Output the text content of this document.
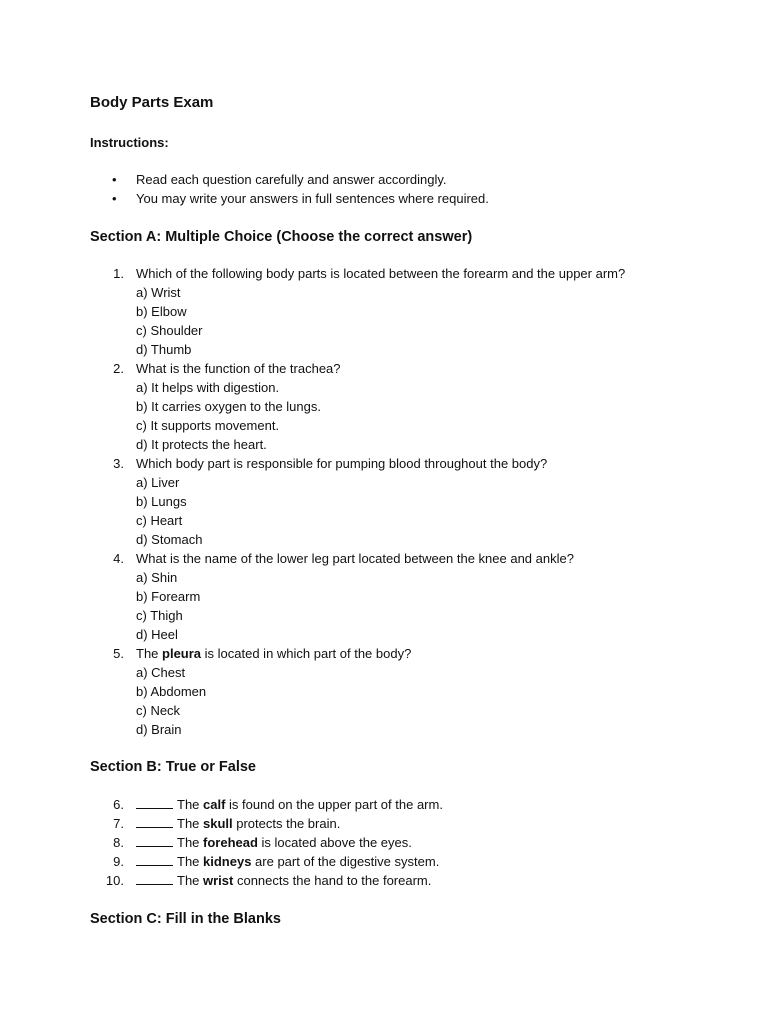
Body Parts Exam
Instructions:
• Read each question carefully and answer accordingly.
• You may write your answers in full sentences where required.
Section A: Multiple Choice (Choose the correct answer)
1. Which of the following body parts is located between the forearm and the upper arm?
a) Wrist
b) Elbow
c) Shoulder
d) Thumb
2. What is the function of the trachea?
a) It helps with digestion.
b) It carries oxygen to the lungs.
c) It supports movement.
d) It protects the heart.
3. Which body part is responsible for pumping blood throughout the body?
a) Liver
b) Lungs
c) Heart
d) Stomach
4. What is the name of the lower leg part located between the knee and ankle?
a) Shin
b) Forearm
c) Thigh
d) Heel
5. The pleura is located in which part of the body?
a) Chest
b) Abdomen
c) Neck
d) Brain
Section B: True or False
6.	The calf is found on the upper part of the arm.
7.	The skull protects the brain.
8.	The forehead is located above the eyes.
9.	The kidneys are part of the digestive system.
10.	The wrist connects the hand to the forearm.
Section C: Fill in the Blanks
